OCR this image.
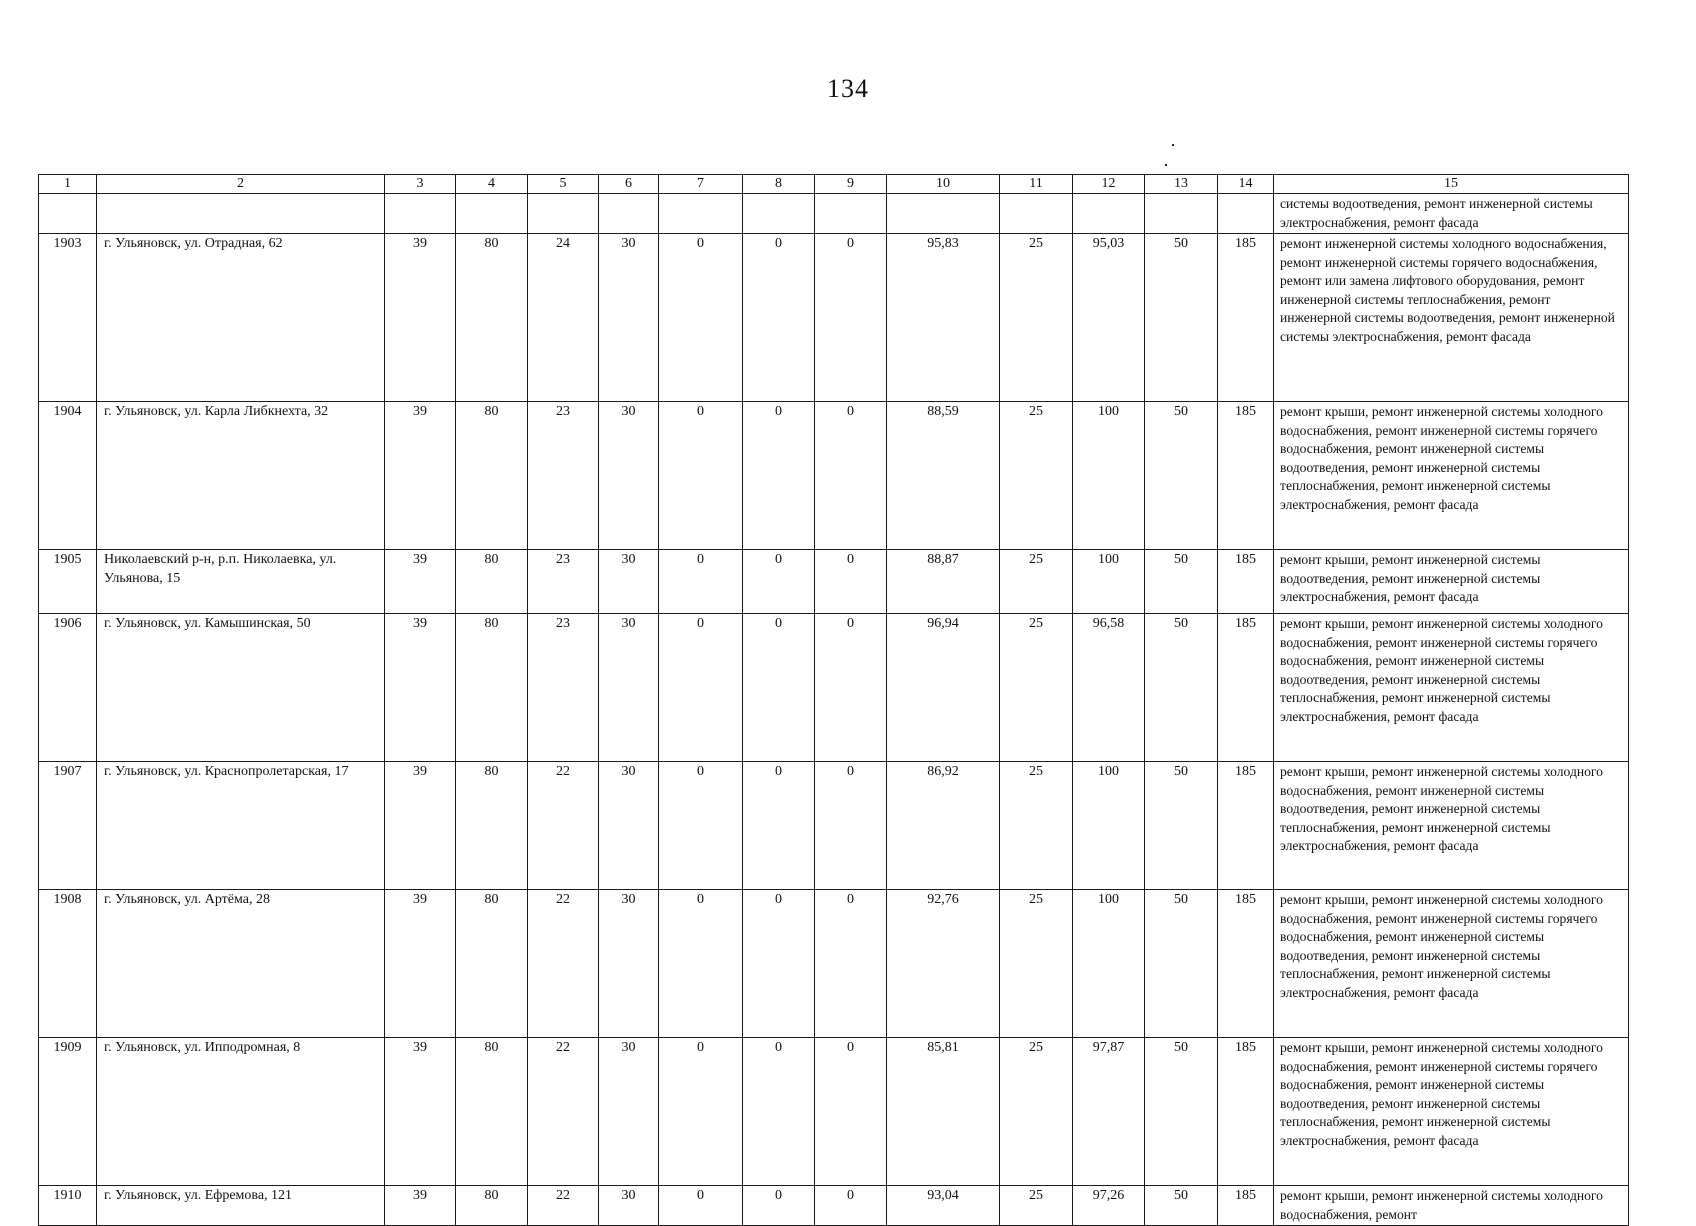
134
1	2	3	4	5	6	7	8	9	10	11	12	13	14	15
														системы водоотведения, ремонт инженерной системы электроснабжения, ремонт фасада
1903	г. Ульяновск, ул. Отрадная, 62	39	80	24	30	0	0	0	95,83	25	95,03	50	185	ремонт инженерной системы холодного водоснабжения, ремонт инженерной системы горячего водоснабжения, ремонт или замена лифтового оборудования, ремонт инженерной системы теплоснабжения, ремонт инженерной системы водоотведения, ремонт инженерной системы электроснабжения, ремонт фасада
1904	г. Ульяновск, ул. Карла Либкнехта, 32	39	80	23	30	0	0	0	88,59	25	100	50	185	ремонт крыши, ремонт инженерной системы холодного водоснабжения, ремонт инженерной системы горячего водоснабжения, ремонт инженерной системы водоотведения, ремонт инженерной системы теплоснабжения, ремонт инженерной системы электроснабжения, ремонт фасада
1905	Николаевский р-н, р.п. Николаевка, ул. Ульянова, 15	39	80	23	30	0	0	0	88,87	25	100	50	185	ремонт крыши, ремонт инженерной системы водоотведения, ремонт инженерной системы электроснабжения, ремонт фасада
1906	г. Ульяновск, ул. Камышинская, 50	39	80	23	30	0	0	0	96,94	25	96,58	50	185	ремонт крыши, ремонт инженерной системы холодного водоснабжения, ремонт инженерной системы горячего водоснабжения, ремонт инженерной системы водоотведения, ремонт инженерной системы теплоснабжения, ремонт инженерной системы электроснабжения, ремонт фасада
1907	г. Ульяновск, ул. Краснопролетарская, 17	39	80	22	30	0	0	0	86,92	25	100	50	185	ремонт крыши, ремонт инженерной системы холодного водоснабжения, ремонт инженерной системы водоотведения, ремонт инженерной системы теплоснабжения, ремонт инженерной системы электроснабжения, ремонт фасада
1908	г. Ульяновск, ул. Артёма, 28	39	80	22	30	0	0	0	92,76	25	100	50	185	ремонт крыши, ремонт инженерной системы холодного водоснабжения, ремонт инженерной системы горячего водоснабжения, ремонт инженерной системы водоотведения, ремонт инженерной системы теплоснабжения, ремонт инженерной системы электроснабжения, ремонт фасада
1909	г. Ульяновск, ул. Ипподромная, 8	39	80	22	30	0	0	0	85,81	25	97,87	50	185	ремонт крыши, ремонт инженерной системы холодного водоснабжения, ремонт инженерной системы горячего водоснабжения, ремонт инженерной системы водоотведения, ремонт инженерной системы теплоснабжения, ремонт инженерной системы электроснабжения, ремонт фасада
1910	г. Ульяновск, ул. Ефремова, 121	39	80	22	30	0	0	0	93,04	25	97,26	50	185	ремонт крыши, ремонт инженерной системы холодного водоснабжения, ремонт
